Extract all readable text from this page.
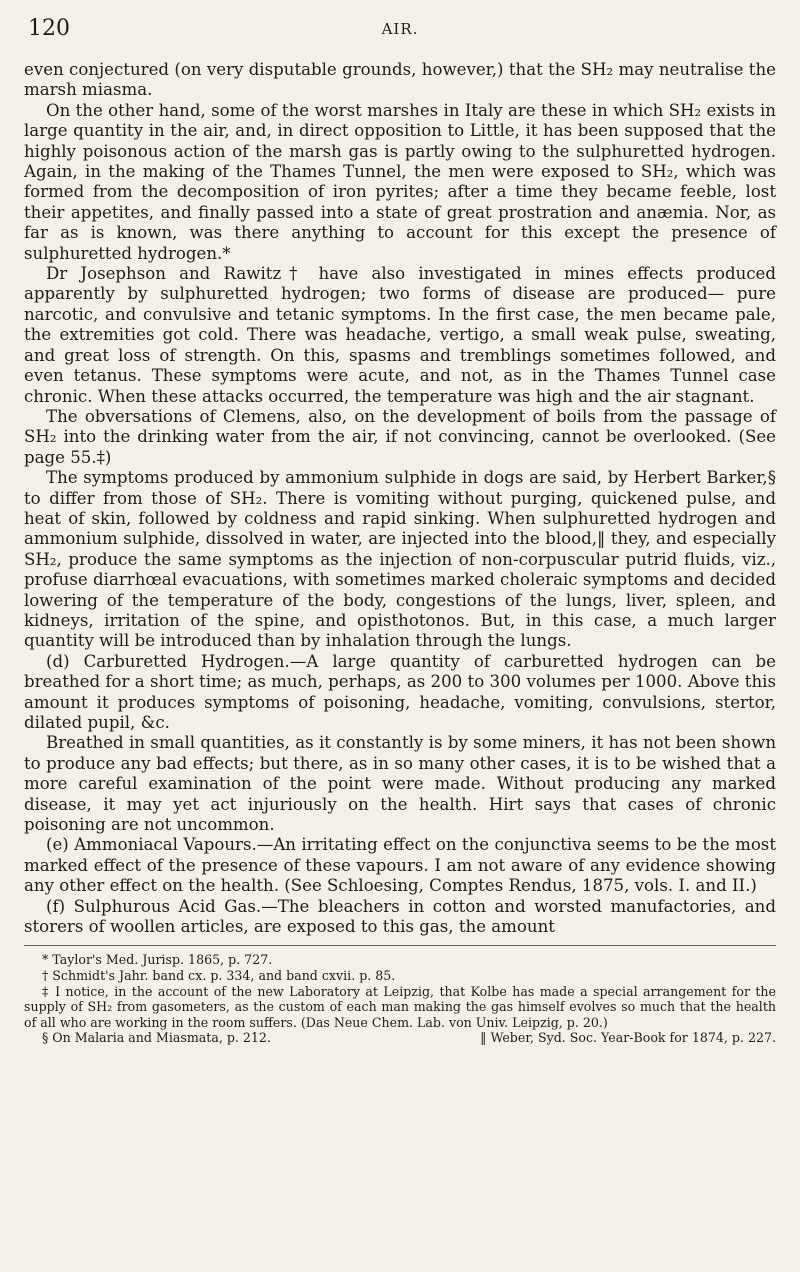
120	AIR.

even conjectured (on very disputable grounds, however,) that the SH₂ may neutralise the marsh miasma.

On the other hand, some of the worst marshes in Italy are these in which SH₂ exists in large quantity in the air, and, in direct opposition to Little, it has been supposed that the highly poisonous action of the marsh gas is partly owing to the sulphuretted hydrogen. Again, in the making of the Thames Tunnel, the men were exposed to SH₂, which was formed from the decomposition of iron pyrites; after a time they became feeble, lost their appetites, and finally passed into a state of great prostration and anæmia. Nor, as far as is known, was there anything to account for this except the presence of sulphuretted hydrogen.*

Dr Josephson and Rawitz† have also investigated in mines effects produced apparently by sulphuretted hydrogen; two forms of disease are produced— pure narcotic, and convulsive and tetanic symptoms. In the first case, the men became pale, the extremities got cold. There was headache, vertigo, a small weak pulse, sweating, and great loss of strength. On this, spasms and tremblings sometimes followed, and even tetanus. These symptoms were acute, and not, as in the Thames Tunnel case chronic. When these attacks occurred, the temperature was high and the air stagnant.

The obversations of Clemens, also, on the development of boils from the passage of SH₂ into the drinking water from the air, if not convincing, cannot be overlooked. (See page 55.‡)

The symptoms produced by ammonium sulphide in dogs are said, by Herbert Barker,§ to differ from those of SH₂. There is vomiting without purging, quickened pulse, and heat of skin, followed by coldness and rapid sinking. When sulphuretted hydrogen and ammonium sulphide, dissolved in water, are injected into the blood,‖ they, and especially SH₂, produce the same symptoms as the injection of non-corpuscular putrid fluids, viz., profuse diarrhœal evacuations, with sometimes marked choleraic symptoms and decided lowering of the temperature of the body, congestions of the lungs, liver, spleen, and kidneys, irritation of the spine, and opisthotonos. But, in this case, a much larger quantity will be introduced than by inhalation through the lungs.

(d) Carburetted Hydrogen.—A large quantity of carburetted hydrogen can be breathed for a short time; as much, perhaps, as 200 to 300 volumes per 1000. Above this amount it produces symptoms of poisoning, headache, vomiting, convulsions, stertor, dilated pupil, &c.

Breathed in small quantities, as it constantly is by some miners, it has not been shown to produce any bad effects; but there, as in so many other cases, it is to be wished that a more careful examination of the point were made. Without producing any marked disease, it may yet act injuriously on the health. Hirt says that cases of chronic poisoning are not uncommon.

(e) Ammoniacal Vapours.—An irritating effect on the conjunctiva seems to be the most marked effect of the presence of these vapours. I am not aware of any evidence showing any other effect on the health. (See Schloesing, Comptes Rendus, 1875, vols. I. and II.)

(f) Sulphurous Acid Gas.—The bleachers in cotton and worsted manufactories, and storers of woollen articles, are exposed to this gas, the amount

* Taylor's Med. Jurisp. 1865, p. 727.

† Schmidt's Jahr. band cx. p. 334, and band cxvii. p. 85.

‡ I notice, in the account of the new Laboratory at Leipzig, that Kolbe has made a special arrangement for the supply of SH₂ from gasometers, as the custom of each man making the gas himself evolves so much that the health of all who are working in the room suffers. (Das Neue Chem. Lab. von Univ. Leipzig, p. 20.)

§ On Malaria and Miasmata, p. 212.	‖ Weber, Syd. Soc. Year-Book for 1874, p. 227.
